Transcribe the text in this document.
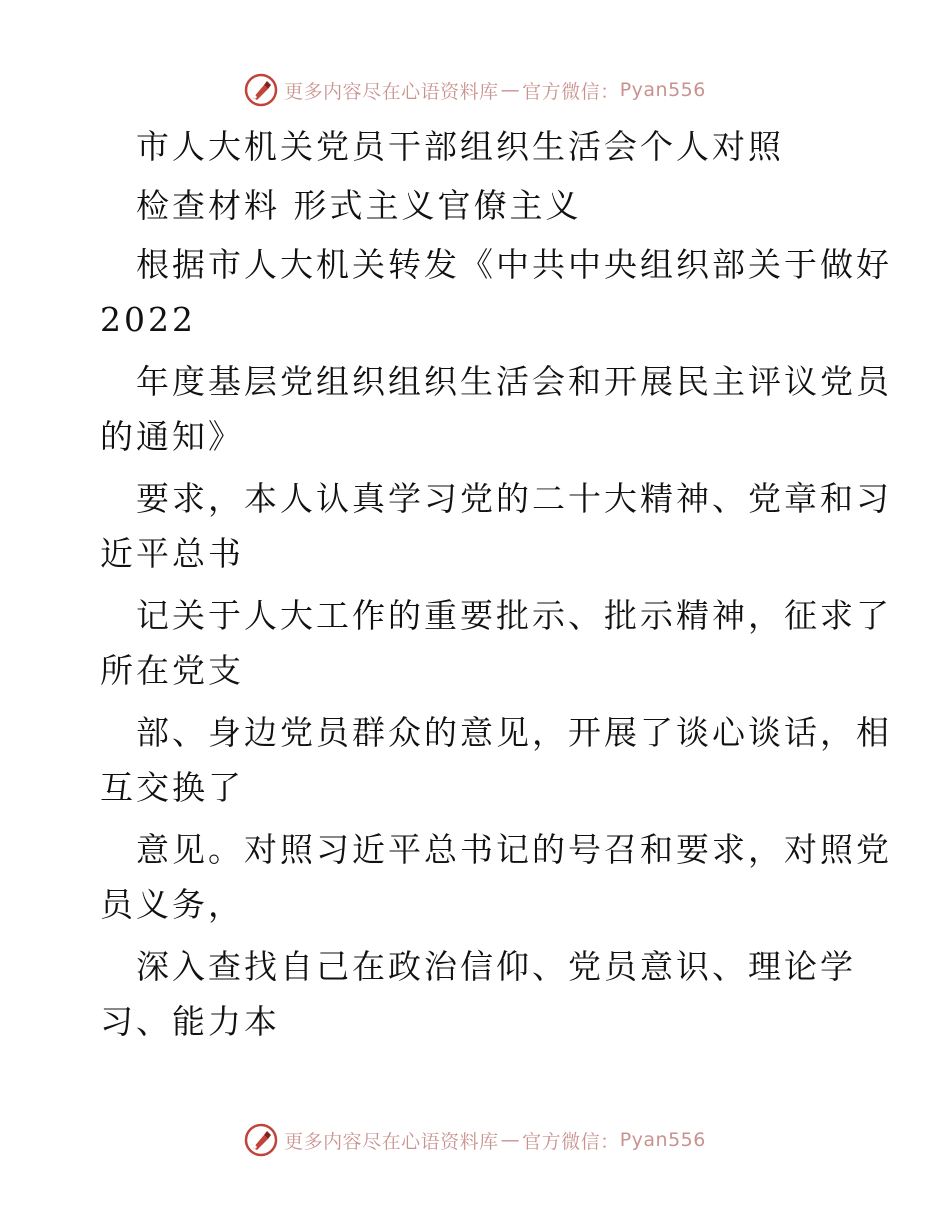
更多内容尽在心语资料库 — 官方微信： Pyan556
市人大机关党员干部组织生活会个人对照
检查材料 形式主义官僚主义
根据市人大机关转发《中共中央组织部关于做好
2022
年度基层党组织组织生活会和开展民主评议党员
的通知》
要求，本人认真学习党的二十大精神、党章和习
近平总书
记关于人大工作的重要批示、批示精神，征求了
所在党支
部、身边党员群众的意见，开展了谈心谈话，相
互交换了
意见。对照习近平总书记的号召和要求，对照党
员义务，
深入查找自己在政治信仰、党员意识、理论学
习、能力本
更多内容尽在心语资料库 — 官方微信： Pyan556
